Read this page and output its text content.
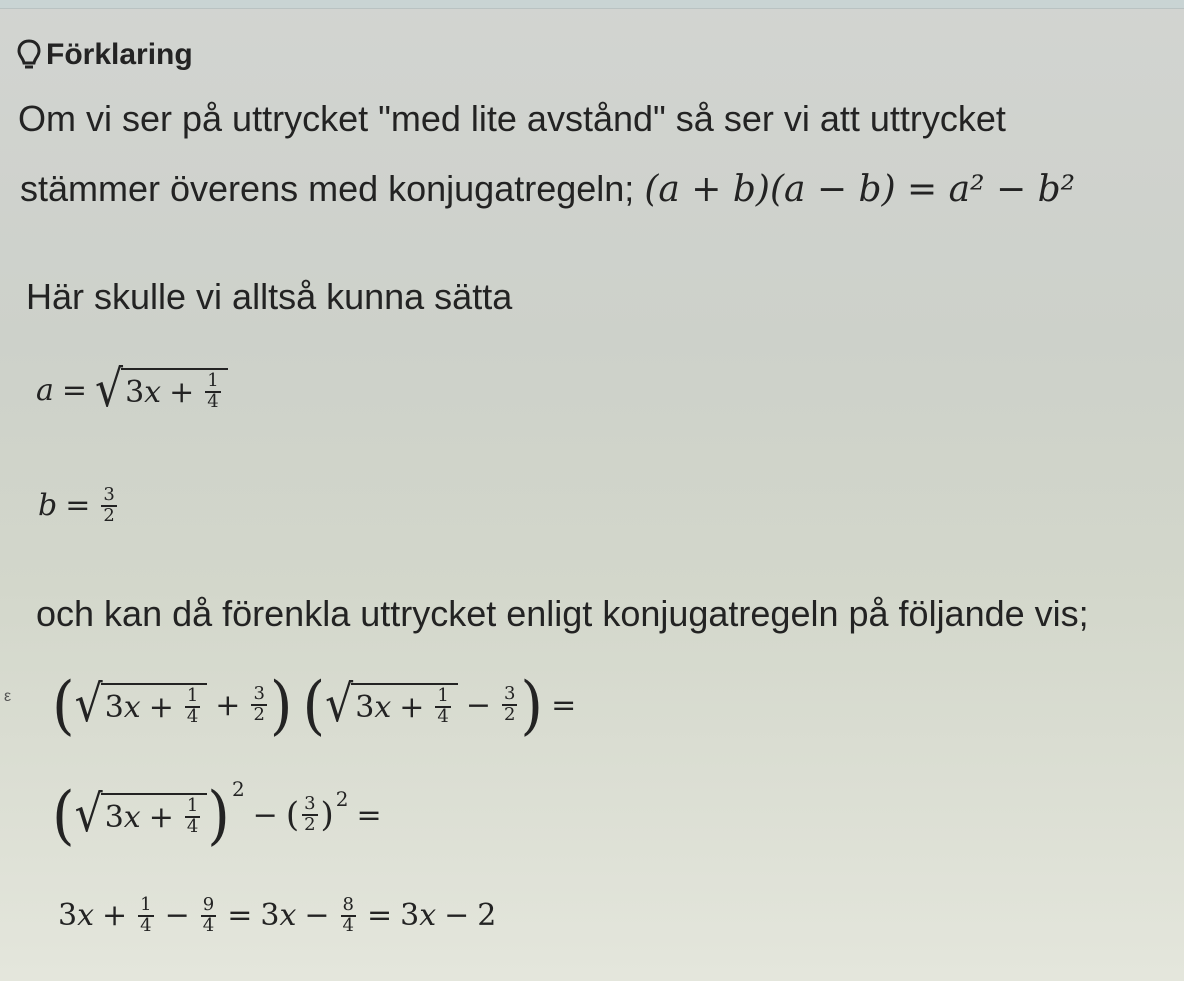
Förklaring
Om vi ser på uttrycket "med lite avstånd" så ser vi att uttrycket
stämmer överens med konjugatregeln; (a + b)(a − b) = a² − b²
Här skulle vi alltså kunna sätta
a = √ 3 $x + \frac{1}{4}$
$b = \frac{3}{2}$
och kan då förenkla uttrycket enligt konjugatregeln på följande vis;
ε ( √ 3 $x + \frac{1}{4} + \frac{3}{2}$ ) ( √ 3 $x + \frac{1}{4} - \frac{3}{2}$ ) =
( √ 3 $x + \frac{1}{4}$ ) 2
− ( $\frac{3}{2}$ ) 2 =
3 $x + \frac{1}{4} - \frac{9}{4} = 3$ $x - \frac{8}{4} = 3$ x − 2
